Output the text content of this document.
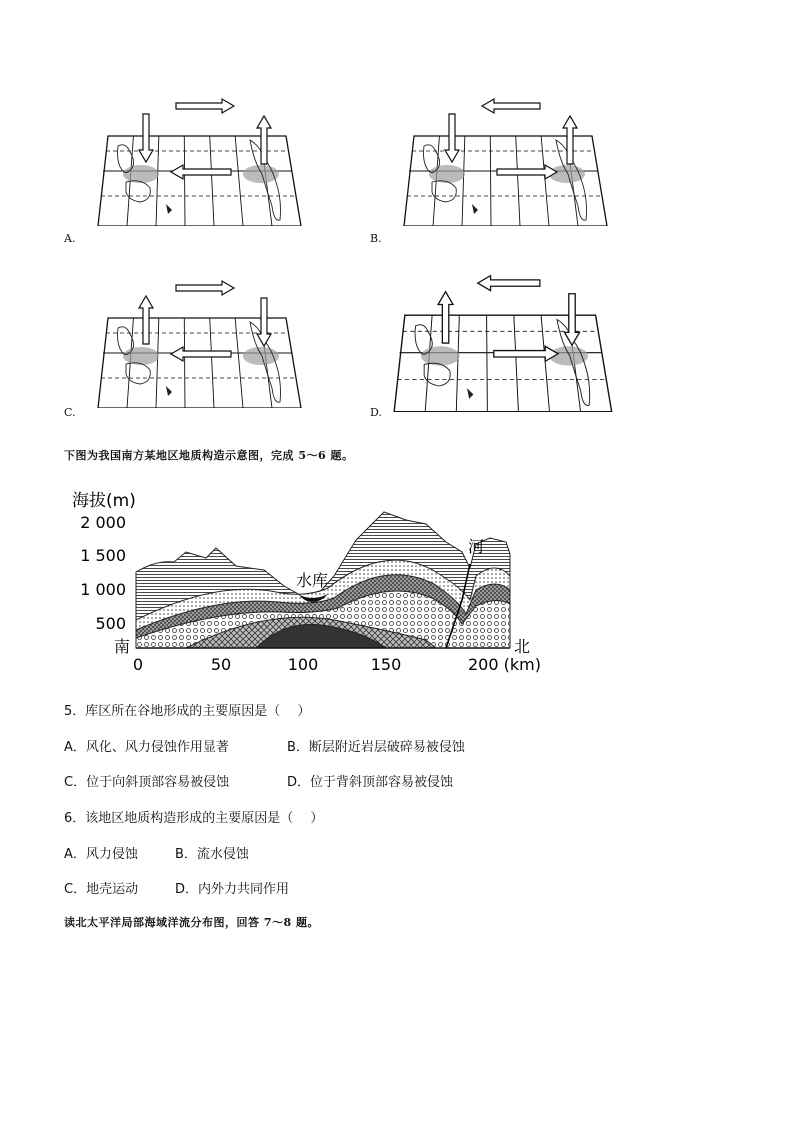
A.	B.
C.	D.
下图为我国南方某地区地质构造示意图，完成 5～6 题。
海拔(m)
2 000
1 500
1 000
500
水库
河
南	北
0	50	100	150	200 (km)
5．库区所在谷地形成的主要原因是（　 ）
A．风化、风力侵蚀作用显著	B．断层附近岩层破碎易被侵蚀
C．位于向斜顶部容易被侵蚀	D．位于背斜顶部容易被侵蚀
6．该地区地质构造形成的主要原因是（　 ）
A．风力侵蚀	B．流水侵蚀
C．地壳运动	D．内外力共同作用
读北太平洋局部海域洋流分布图，回答 7～8 题。
